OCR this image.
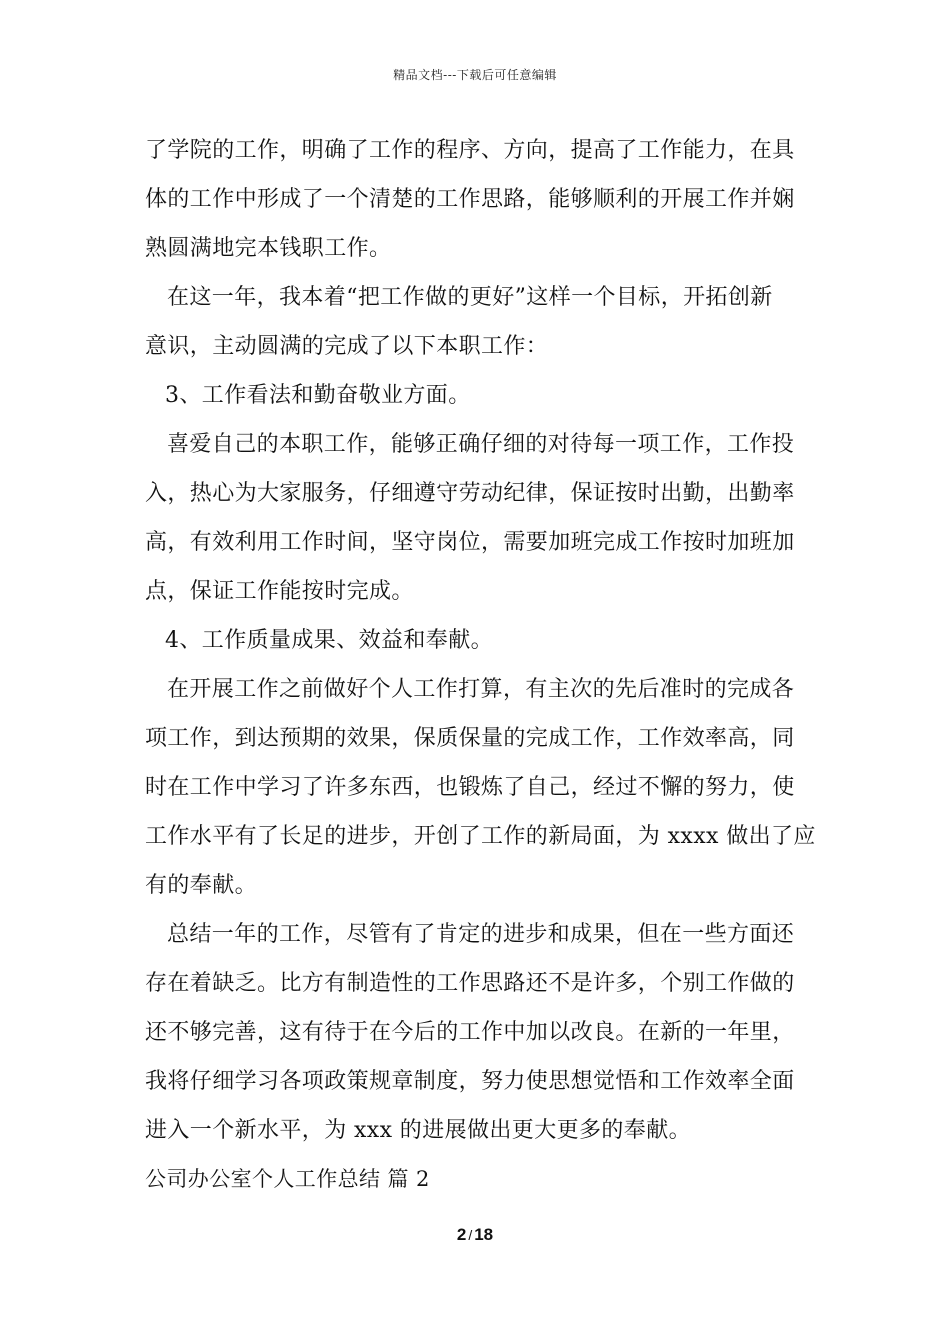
精品文档---下载后可任意编辑
了学院的工作，明确了工作的程序、方向，提高了工作能力，在具
体的工作中形成了一个清楚的工作思路，能够顺利的开展工作并娴
熟圆满地完本钱职工作。
在这一年，我本着“把工作做的更好”这样一个目标，开拓创新
意识，主动圆满的完成了以下本职工作：
3、工作看法和勤奋敬业方面。
喜爱自己的本职工作，能够正确仔细的对待每一项工作，工作投
入，热心为大家服务，仔细遵守劳动纪律，保证按时出勤，出勤率
高，有效利用工作时间，坚守岗位，需要加班完成工作按时加班加
点，保证工作能按时完成。
4、工作质量成果、效益和奉献。
在开展工作之前做好个人工作打算，有主次的先后准时的完成各
项工作，到达预期的效果，保质保量的完成工作，工作效率高，同
时在工作中学习了许多东西，也锻炼了自己，经过不懈的努力，使
工作水平有了长足的进步，开创了工作的新局面，为 xxxx 做出了应
有的奉献。
总结一年的工作，尽管有了肯定的进步和成果，但在一些方面还
存在着缺乏。比方有制造性的工作思路还不是许多，个别工作做的
还不够完善，这有待于在今后的工作中加以改良。在新的一年里，
我将仔细学习各项政策规章制度，努力使思想觉悟和工作效率全面
进入一个新水平，为 xxx 的进展做出更大更多的奉献。
公司办公室个人工作总结 篇 2
2 / 18
